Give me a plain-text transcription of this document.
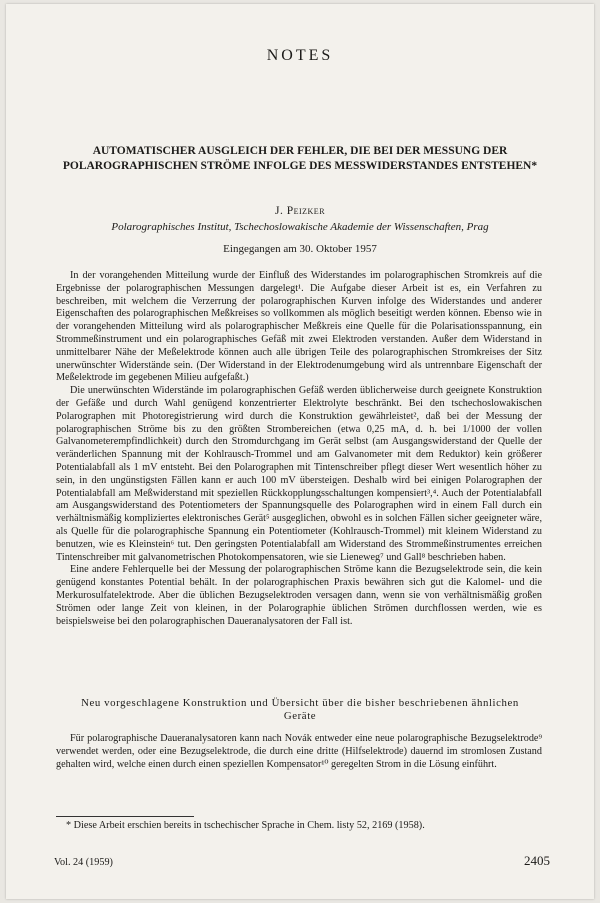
NOTES
AUTOMATISCHER AUSGLEICH DER FEHLER, DIE BEI DER MESSUNG DER POLAROGRAPHISCHEN STRÖME INFOLGE DES MESSWIDERSTANDES ENTSTEHEN*
J. Peizker
Polarographisches Institut, Tschechoslowakische Akademie der Wissenschaften, Prag
Eingegangen am 30. Oktober 1957

In der vorangehenden Mitteilung wurde der Einfluß des Widerstandes im polarographischen Stromkreis auf die Ergebnisse der polarographischen Messungen dargelegt¹. Die Aufgabe dieser Arbeit ist es, ein Verfahren zu beschreiben, mit welchem die Verzerrung der polarographischen Kurven infolge des Widerstandes und anderer Eigenschaften des polarographischen Meßkreises so vollkommen als möglich beseitigt werden können. Ebenso wie in der vorangehenden Mitteilung wird als polarographischer Meßkreis eine Quelle für die Polarisationsspannung, ein Strommeßinstrument und ein polarographisches Gefäß mit zwei Elektroden verstanden. Außer dem Widerstand in unmittelbarer Nähe der Meßelektrode können auch alle übrigen Teile des polarographischen Stromkreises der Sitz unerwünschter Widerstände sein. (Der Widerstand in der Elektrodenumgebung wird als untrennbare Eigenschaft der Meßelektrode im gegebenen Milieu aufgefaßt.)

Die unerwünschten Widerstände im polarographischen Gefäß werden üblicherweise durch geeignete Konstruktion der Gefäße und durch Wahl genügend konzentrierter Elektrolyte beschränkt. Bei den tschechoslowakischen Polarographen mit Photoregistrierung wird durch die Konstruktion gewährleistet², daß bei der Messung der polarographischen Ströme bis zu den größten Strombereichen (etwa 0,25 mA, d. h. bei 1/1000 der vollen Galvanometerempfindlichkeit) durch den Stromdurchgang im Gerät selbst (am Ausgangswiderstand der Quelle der veränderlichen Spannung mit der Kohlrausch-Trommel und am Galvanometer mit dem Reduktor) kein größerer Potentialabfall als 1 mV entsteht. Bei den Polarographen mit Tintenschreiber pflegt dieser Wert wesentlich höher zu sein, in den ungünstigsten Fällen kann er auch 100 mV übersteigen. Deshalb wird bei einigen Polarographen der Potentialabfall am Meßwiderstand mit speziellen Rückkopplungsschaltungen kompensiert³,⁴. Auch der Potentialabfall am Ausgangswiderstand des Potentiometers der Spannungsquelle des Polarographen wird in einem Fall durch ein verhältnismäßig kompliziertes elektronisches Gerät⁵ ausgeglichen, obwohl es in solchen Fällen sicher geeigneter wäre, als Quelle für die polarographische Spannung ein Potentiometer (Kohlrausch-Trommel) mit kleinem Widerstand zu benutzen, wie es Kleinstein⁶ tut. Den geringsten Potentialabfall am Widerstand des Strommeßinstrumentes erreichen Tintenschreiber mit galvanometrischen Photokompensatoren, wie sie Lieneweg⁷ und Gall⁸ beschrieben haben.

Eine andere Fehlerquelle bei der Messung der polarographischen Ströme kann die Bezugselektrode sein, die kein genügend konstantes Potential behält. In der polarographischen Praxis bewähren sich gut die Kalomel- und die Merkurosulfatelektrode. Aber die üblichen Bezugselektroden versagen dann, wenn sie von verhältnismäßig großen Strömen oder lange Zeit von kleinen, in der Polarographie üblichen Strömen durchflossen werden, wie es beispielsweise bei den polarographischen Daueranalysatoren der Fall ist.

Neu vorgeschlagene Konstruktion und Übersicht über die bisher beschriebenen ähnlichen Geräte

Für polarographische Daueranalysatoren kann nach Novák entweder eine neue polarographische Bezugselektrode⁹ verwendet werden, oder eine Bezugselektrode, die durch eine dritte (Hilfselektrode) dauernd im stromlosen Zustand gehalten wird, welche einen durch einen speziellen Kompensator¹⁰ geregelten Strom in die Lösung einführt.

* Diese Arbeit erschien bereits in tschechischer Sprache in Chem. listy 52, 2169 (1958).
Vol. 24 (1959)	2405
